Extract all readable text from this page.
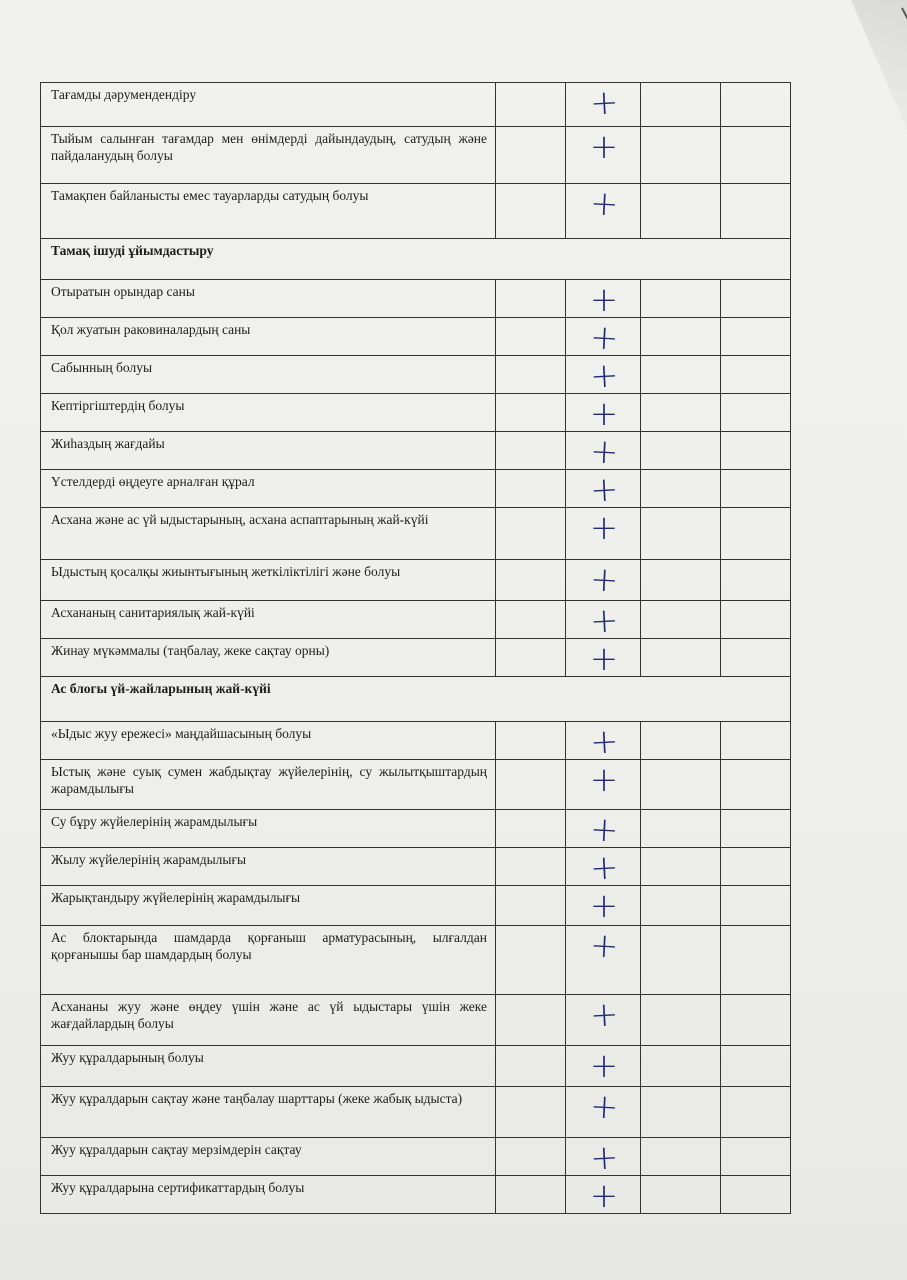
Тағамды дәрумендендіру		+		
Тыйым салынған тағамдар мен өнімдерді дайындаудың, сатудың және пайдаланудың болуы		+		
Тамақпен байланысты емес тауарларды сатудың болуы		+		
Тамақ ішуді ұйымдастыру				
Отыратын орындар саны		+		
Қол жуатын раковиналардың саны		+		
Сабынның болуы		+		
Кептіргіштердің болуы		+		
Жиһаздың жағдайы		+		
Үстелдерді өңдеуге арналған құрал		+		
Асхана және ас үй ыдыстарының, асхана аспаптарының жай-күйі		+		
Ыдыстың қосалқы жиынтығының жеткіліктілігі және болуы		+		
Асхананың санитариялық жай-күйі		+		
Жинау мүкәммалы (таңбалау, жеке сақтау орны)		+		
Ас блогы үй-жайларының жай-күйі				
«Ыдыс жуу ережесі» маңдайшасының болуы		+		
Ыстық және суық сумен жабдықтау жүйелерінің, су жылытқыштардың жарамдылығы		+		
Су бұру жүйелерінің жарамдылығы		+		
Жылу жүйелерінің жарамдылығы		+		
Жарықтандыру жүйелерінің жарамдылығы		+		
Ас блоктарында шамдарда қорғаныш арматурасының, ылғалдан қорғанышы бар шамдардың болуы		+		
Асхананы жуу және өңдеу үшін және ас үй ыдыстары үшін жеке жағдайлардың болуы		+		
Жуу құралдарының болуы		+		
Жуу құралдарын сақтау және таңбалау шарттары (жеке жабық ыдыста)		+		
Жуу құралдарын сақтау мерзімдерін сақтау		+		
Жуу құралдарына сертификаттардың болуы		+		
